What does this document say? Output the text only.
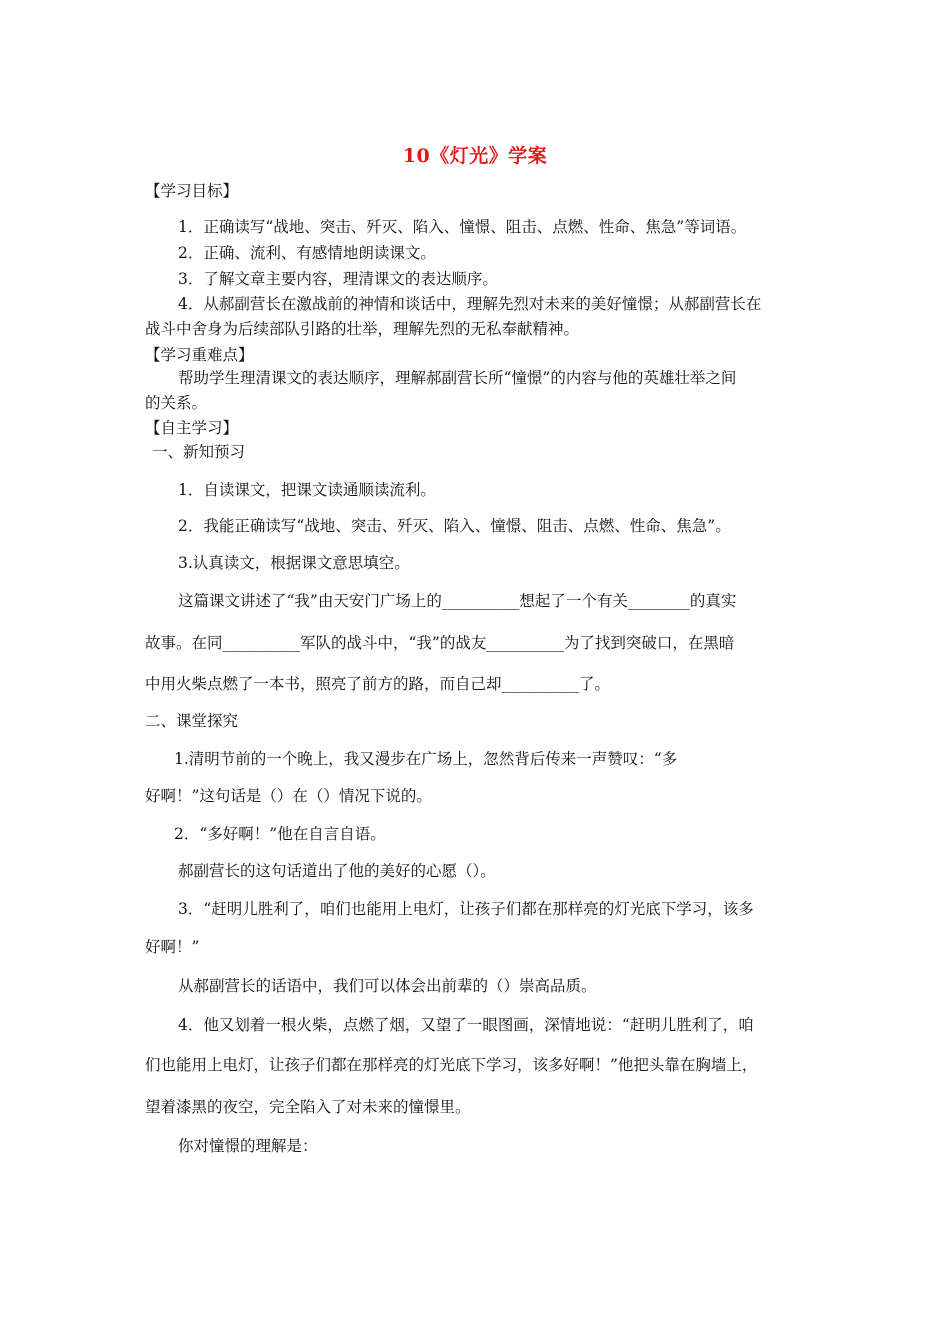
10《灯光》学案
【学习目标】
1．正确读写“战地、突击、歼灭、陷入、憧憬、阻击、点燃、性命、焦急”等词语。
2．正确、流利、有感情地朗读课文。
3．了解文章主要内容，理清课文的表达顺序。
4．从郝副营长在激战前的神情和谈话中，理解先烈对未来的美好憧憬；从郝副营长在
战斗中舍身为后续部队引路的壮举，理解先烈的无私奉献精神。
【学习重难点】
帮助学生理清课文的表达顺序，理解郝副营长所“憧憬”的内容与他的英雄壮举之间
的关系。
【自主学习】
一、新知预习
1．自读课文，把课文读通顺读流利。
2．我能正确读写“战地、突击、歼灭、陷入、憧憬、阻击、点燃、性命、焦急”。
3.认真读文，根据课文意思填空。
这篇课文讲述了“我”由天安门广场上的__________想起了一个有关________的真实
故事。在同__________军队的战斗中，“我”的战友__________为了找到突破口，在黑暗
中用火柴点燃了一本书，照亮了前方的路，而自己却__________了。
二、课堂探究
1.清明节前的一个晚上，我又漫步在广场上，忽然背后传来一声赞叹：“多
好啊！”这句话是（）在（）情况下说的。
2．“多好啊！”他在自言自语。
郝副营长的这句话道出了他的美好的心愿（）。
3．“赶明儿胜利了，咱们也能用上电灯，让孩子们都在那样亮的灯光底下学习，该多
好啊！”
从郝副营长的话语中，我们可以体会出前辈的（）崇高品质。
4．他又划着一根火柴，点燃了烟，又望了一眼图画，深情地说：“赶明儿胜利了，咱
们也能用上电灯，让孩子们都在那样亮的灯光底下学习，该多好啊！”他把头靠在胸墙上，
望着漆黑的夜空，完全陷入了对未来的憧憬里。
你对憧憬的理解是：
